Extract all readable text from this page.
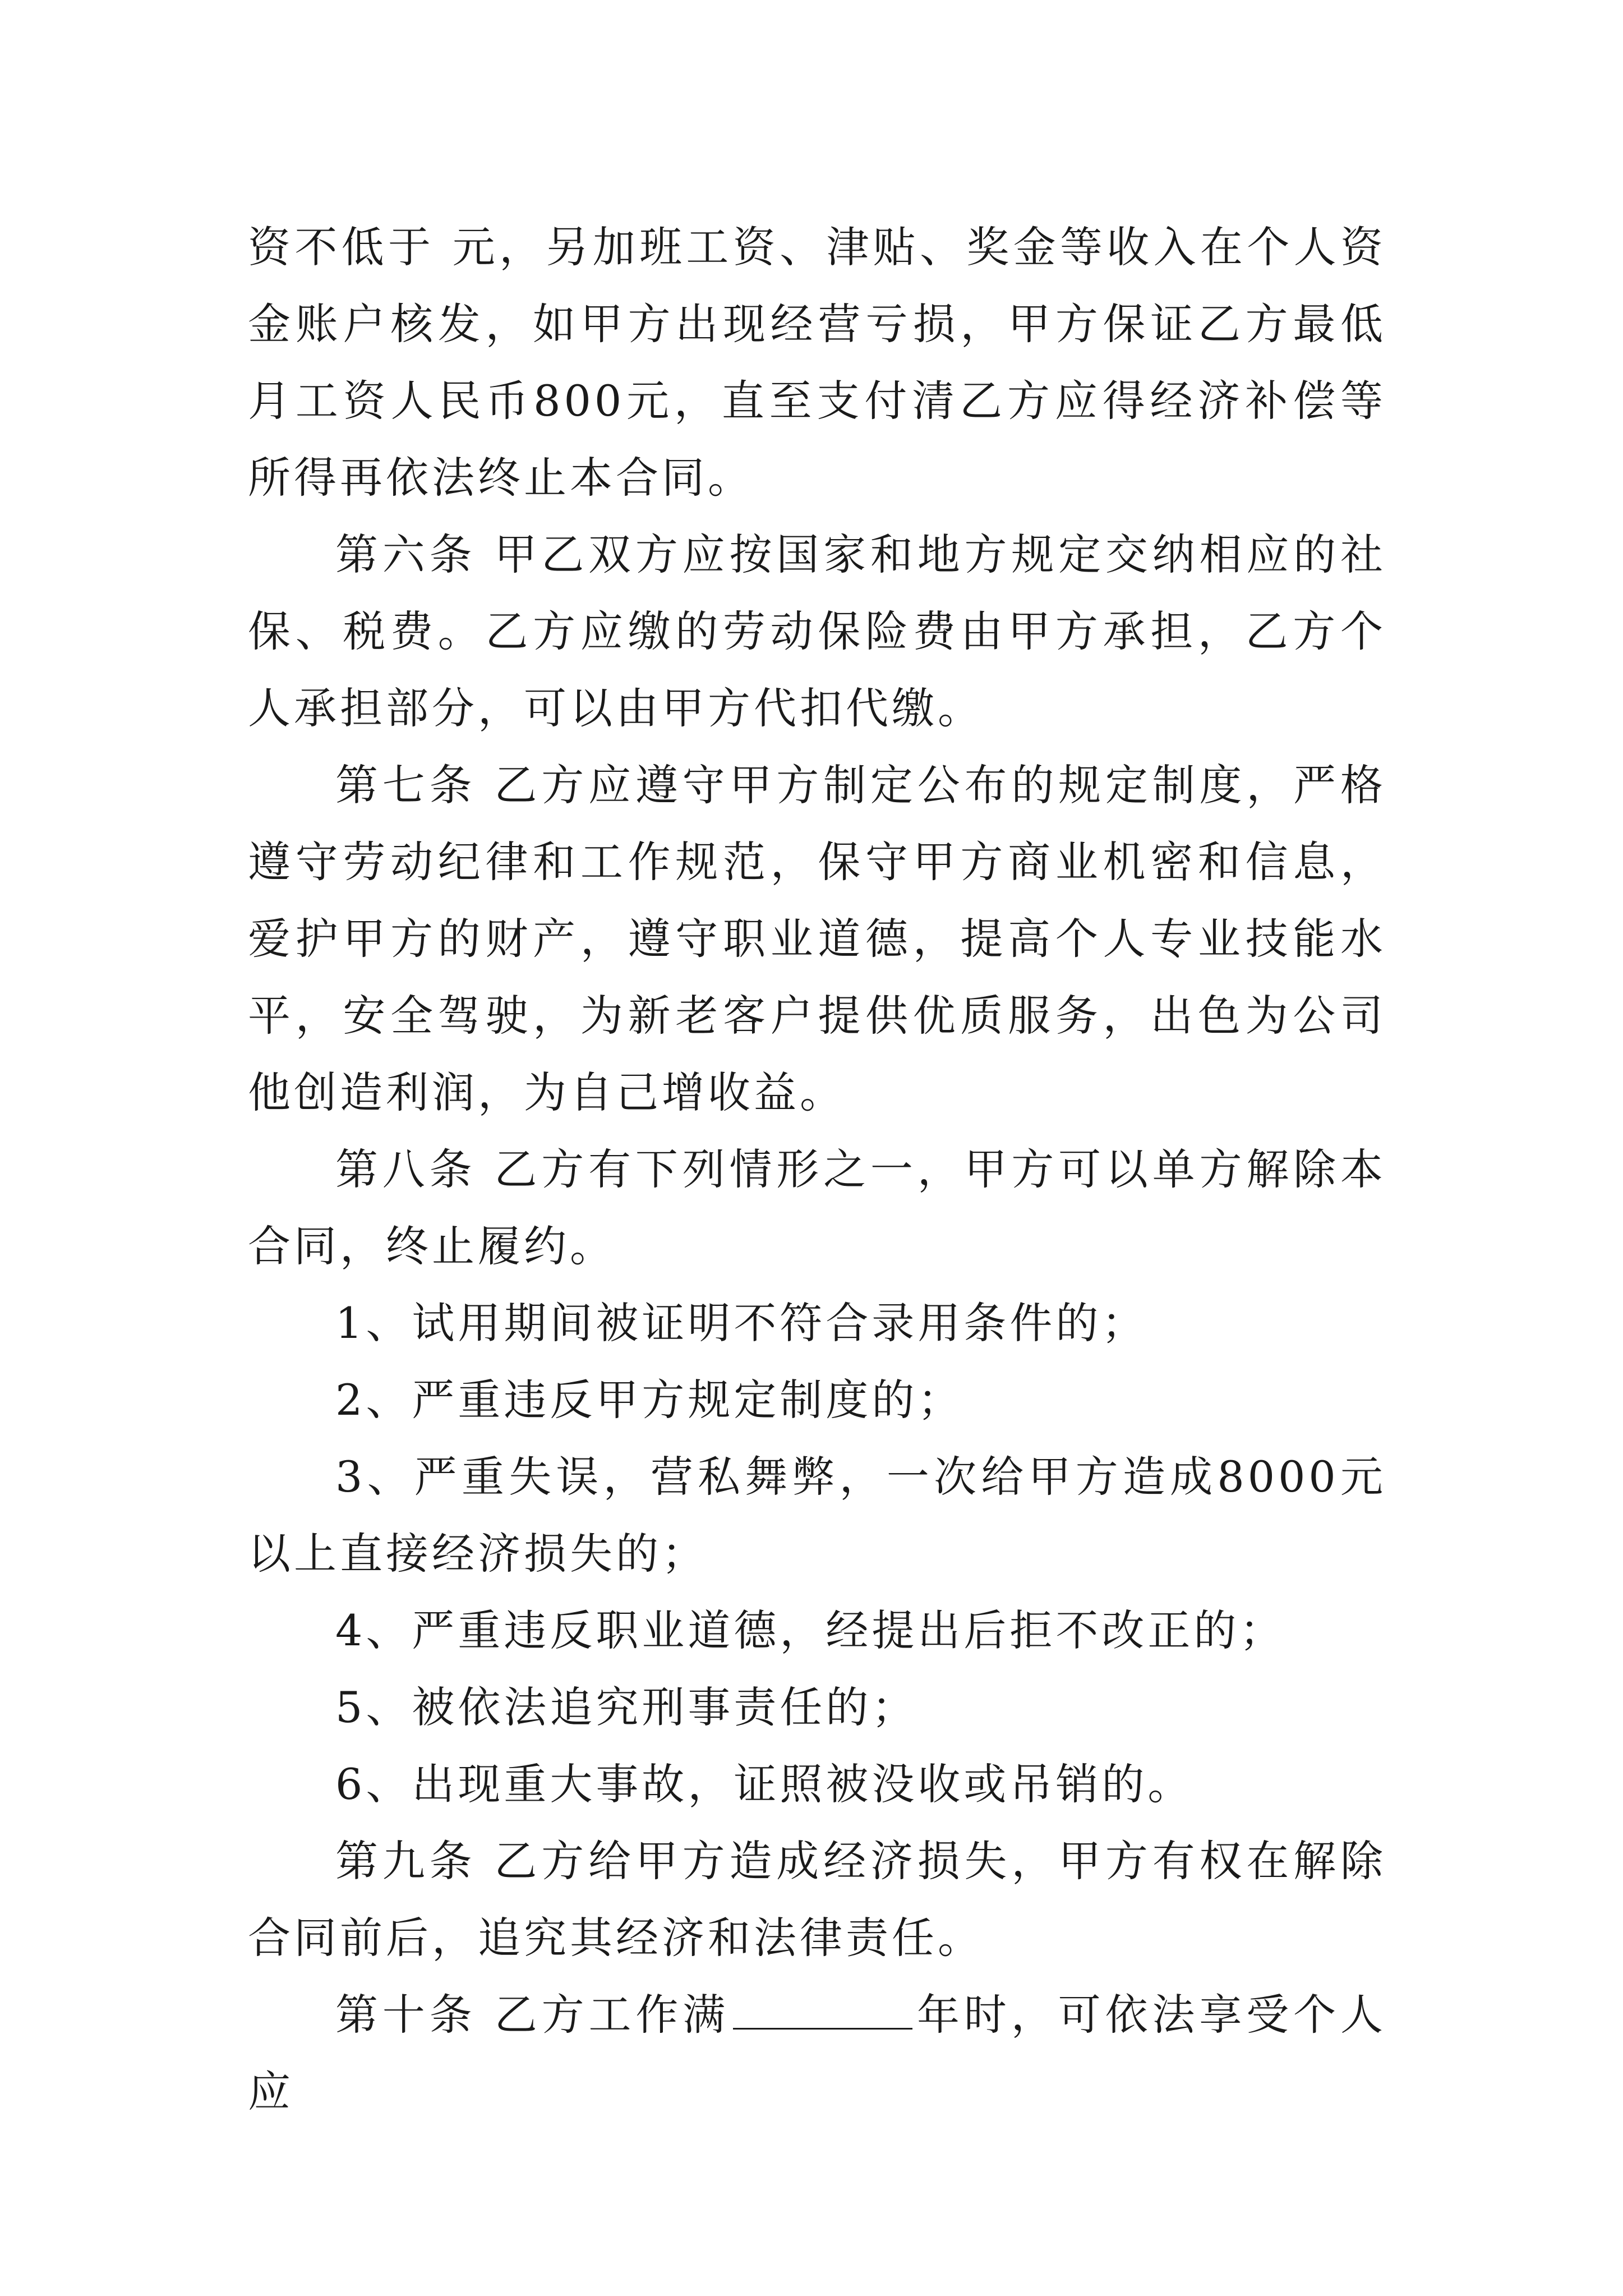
资不低于 元，另加班工资、津贴、奖金等收入在个人资金账户核发，如甲方出现经营亏损，甲方保证乙方最低月工资人民币800元，直至支付清乙方应得经济补偿等所得再依法终止本合同。

第六条 甲乙双方应按国家和地方规定交纳相应的社保、税费。乙方应缴的劳动保险费由甲方承担，乙方个人承担部分，可以由甲方代扣代缴。

第七条 乙方应遵守甲方制定公布的规定制度，严格遵守劳动纪律和工作规范，保守甲方商业机密和信息，爱护甲方的财产，遵守职业道德，提高个人专业技能水平，安全驾驶，为新老客户提供优质服务，出色为公司他创造利润，为自己增收益。

第八条 乙方有下列情形之一，甲方可以单方解除本合同，终止履约。

1、试用期间被证明不符合录用条件的；

2、严重违反甲方规定制度的；

3、严重失误，营私舞弊，一次给甲方造成8000元以上直接经济损失的；

4、严重违反职业道德，经提出后拒不改正的；

5、被依法追究刑事责任的；

6、出现重大事故，证照被没收或吊销的。

第九条 乙方给甲方造成经济损失，甲方有权在解除合同前后，追究其经济和法律责任。

第十条 乙方工作满	年时，可依法享受个人应
